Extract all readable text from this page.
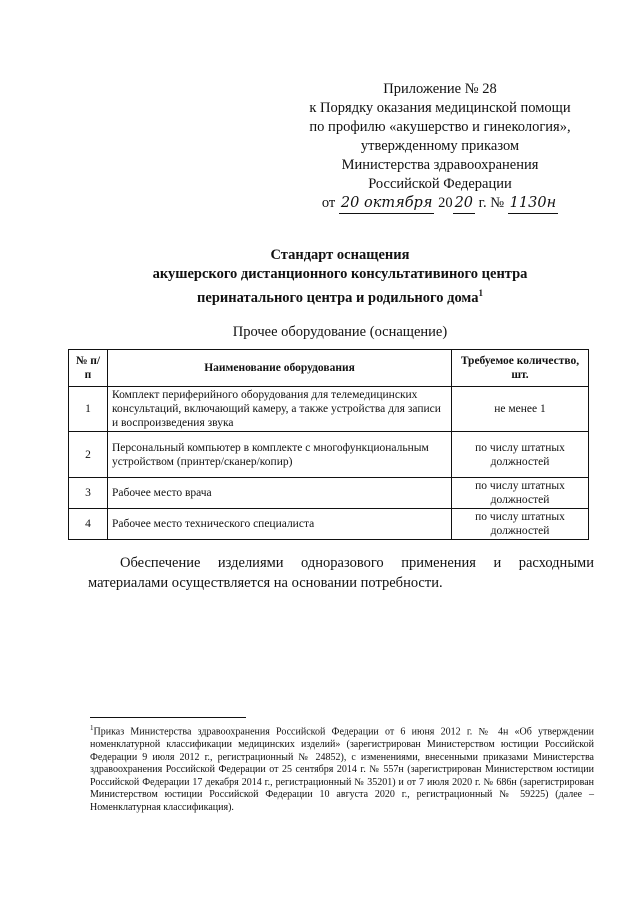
Приложение № 28
к Порядку оказания медицинской помощи
по профилю «акушерство и гинекология»,
утвержденному приказом
Министерства здравоохранения
Российской Федерации
от 20 октября 20 20 г. № 1130н
Стандарт оснащения
акушерского дистанционного консультативиного центра
перинатального центра и родильного дома$^1$
Прочее оборудование (оснащение)
№ п/п	Наименование оборудования	Требуемое количество, шт.
1	Комплект периферийного оборудования для телемедицинских консультаций, включающий камеру, а также устройства для записи и воспроизведения звука	не менее 1
2	Персональный компьютер в комплекте с многофункциональным устройством (принтер/сканер/копир)	по числу штатных должностей
3	Рабочее место врача	по числу штатных должностей
4	Рабочее место технического специалиста	по числу штатных должностей
Обеспечение изделиями одноразового применения и расходными
материалами осуществляется на основании потребности.
$^1$Приказ Министерства здравоохранения Российской Федерации от 6 июня 2012 г. № 4н «Об утверждении номенклатурной классификации медицинских изделий» (зарегистрирован Министерством юстиции Российской Федерации 9 июля 2012 г., регистрационный № 24852), с изменениями, внесенными приказами Министерства здравоохранения Российской Федерации от 25 сентября 2014 г. № 557н (зарегистрирован Министерством юстиции Российской Федерации 17 декабря 2014 г., регистрационный № 35201) и от 7 июля 2020 г. № 686н (зарегистрирован Министерством юстиции Российской Федерации 10 августа 2020 г., регистрационный № 59225) (далее – Номенклатурная классификация).
